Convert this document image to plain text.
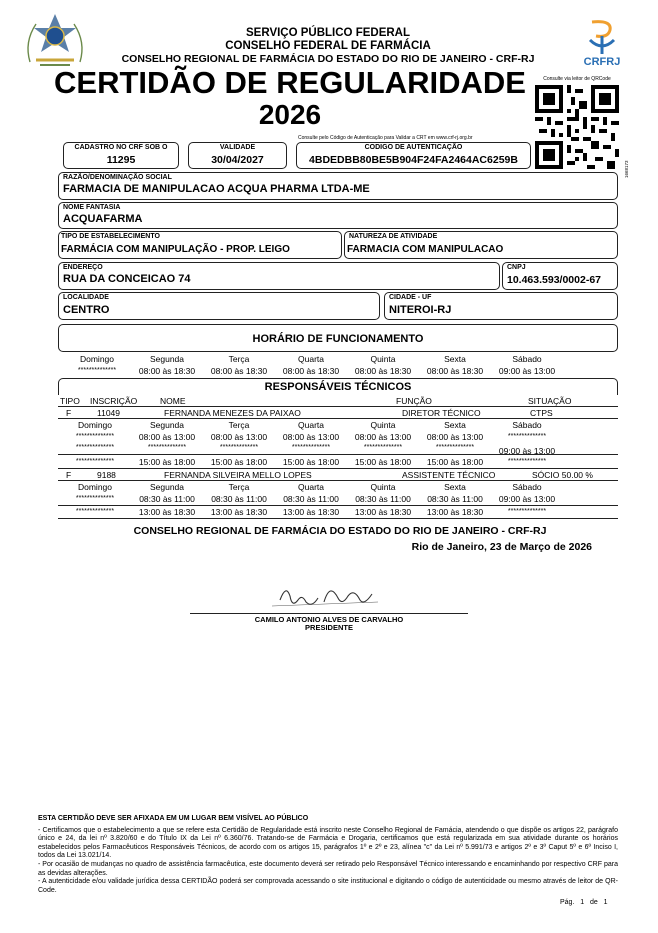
SERVIÇO PÚBLICO FEDERAL
CONSELHO FEDERAL DE FARMÁCIA
CONSELHO REGIONAL DE FARMÁCIA DO ESTADO DO RIO DE JANEIRO - CRF-RJ
CERTIDÃO DE REGULARIDADE
2026
CRFRJ
Consulte via leitor de QRCode
1668173
Consulte pelo Código de Autenticação para Validar a CRT em www.crf-rj.org.br
CADASTRO NO CRF SOB O
11295
VALIDADE
30/04/2027
CODIGO DE AUTENTICAÇÃO
4BDEDBB80BE5B904F24FA2464AC6259B
RAZÃO/DENOMINAÇÃO SOCIAL
FARMACIA DE MANIPULACAO ACQUA PHARMA LTDA-ME
NOME FANTASIA
ACQUAFARMA
TIPO DE ESTABELECIMENTO
FARMÁCIA COM MANIPULAÇÃO - PROP. LEIGO
NATUREZA DE ATIVIDADE
FARMACIA COM MANIPULACAO
ENDEREÇO
RUA DA CONCEICAO 74
CNPJ
10.463.593/0002-67
LOCALIDADE
CENTRO
CIDADE - UF
NITEROI-RJ
HORÁRIO DE FUNCIONAMENTO
Domingo	Segunda	Terça	Quarta	Quinta	Sexta	Sábado
**************	08:00 às 18:30	08:00 às 18:30	08:00 às 18:30	08:00 às 18:30	08:00 às 18:30	09:00 às 13:00
RESPONSÁVEIS TÉCNICOS
TIPO INSCRIÇÃO	NOME	FUNÇÃO	SITUAÇÃO
F	11049	FERNANDA MENEZES DA PAIXAO	DIRETOR TÉCNICO	CTPS
Domingo	Segunda	Terça	Quarta	Quinta	Sexta	Sábado
**************	08:00 às 13:00	08:00 às 13:00	08:00 às 13:00	08:00 às 13:00	08:00 às 13:00	**************
**************	**************	**************	**************	**************	**************	09:00 às 13:00
**************	15:00 às 18:00	15:00 às 18:00	15:00 às 18:00	15:00 às 18:00	15:00 às 18:00	**************
F	9188	FERNANDA SILVEIRA MELLO LOPES	ASSISTENTE TÉCNICO	SÓCIO 50.00 %
Domingo	Segunda	Terça	Quarta	Quinta	Sexta	Sábado
**************	08:30 às 11:00	08:30 às 11:00	08:30 às 11:00	08:30 às 11:00	08:30 às 11:00	09:00 às 13:00
**************	13:00 às 18:30	13:00 às 18:30	13:00 às 18:30	13:00 às 18:30	13:00 às 18:30	**************
CONSELHO REGIONAL DE FARMÁCIA DO ESTADO DO RIO DE JANEIRO - CRF-RJ
Rio de Janeiro, 23 de Março de 2026
CAMILO ANTONIO ALVES DE CARVALHO
PRESIDENTE
ESTA CERTIDÃO DEVE SER AFIXADA EM UM LUGAR BEM VISÍVEL AO PÚBLICO

- Certificamos que o estabelecimento a que se refere esta Certidão de Regularidade está inscrito neste Conselho Regional de Famácia, atendendo o que dispõe os artigos 22, parágrafo único e 24, da lei nº 3.820/60 e do Título IX da Lei nº 6.360/76. Tratando-se de Farmácia e Drogaria, certificamos que está regularizada em sua atividade durante os horários estabelecidos pelos Farmacêuticos Responsáveis Técnicos, de acordo com os artigos 15, parágrafos 1º e 2º e 23, alínea "c" da Lei nº 5.991/73 e artigos 2º e 3º Caput 5º e 6º Inciso I, todos da Lei 13.021/14.

- Por ocasião de mudanças no quadro de assistência farmacêutica, este documento deverá ser retirado pelo Responsável Técnico interessando e encaminhando por respectivo CRF para as devidas alterações.

- A autenticidade e/ou validade jurídica dessa CERTIDÃO poderá ser comprovada acessando o site institucional e digitando o código de autenticidade ou mesmo através de leitor de QR-Code.

Pág. 1 de 1
